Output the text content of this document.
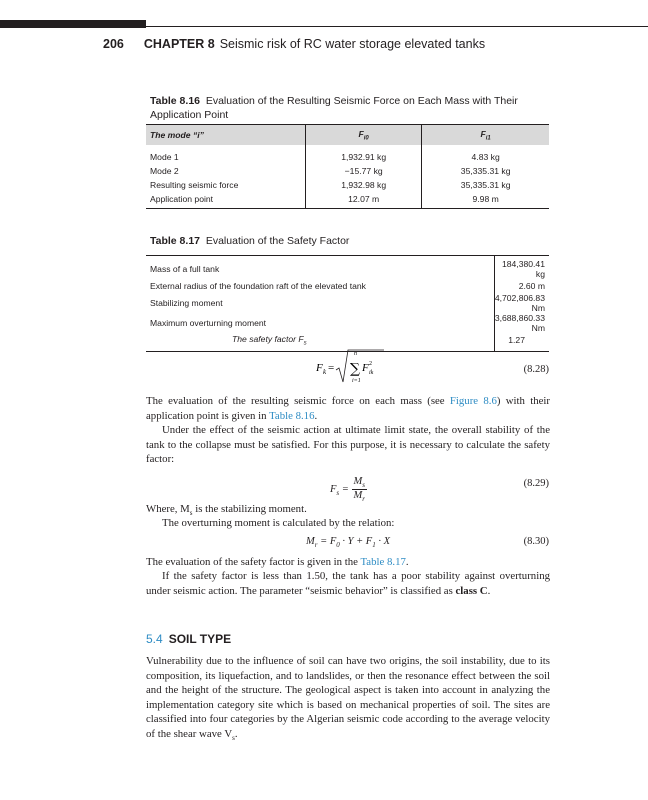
206 CHAPTER 8 Seismic risk of RC water storage elevated tanks
Table 8.16 Evaluation of the Resulting Seismic Force on Each Mass with Their Application Point
The mode “i”	$F_{i0}$	$F_{i1}$
Mode 1	1,932.91 kg	4.83 kg
Mode 2	−15.77 kg	35,335.31 kg
Resulting seismic force	1,932.98 kg	35,335.31 kg
Application point	12.07 m	9.98 m
Table 8.17 Evaluation of the Safety Factor
Mass of a full tank	184,380.41 kg
External radius of the foundation raft of the elevated tank	2.60 m
Stabilizing moment	4,702,806.83 Nm
Maximum overturning moment	3,688,860.33 Nm
The safety factor $F_s$	1.27
F k =
n
∑
i=1
F 2
ik	(8.28)

The evaluation of the resulting seismic force on each mass (see Figure 8.6) with their application point is given in Table 8.16.

Under the effect of the seismic action at ultimate limit state, the overall stability of the tank to the collapse must be satisfied. For this purpose, it is necessary to calculate the safety factor:

$F_s = \frac{M_s}{M_r}$	(8.29)

Where, $M_s$ is the stabilizing moment.

The overturning moment is calculated by the relation:

$M_r = F_0 \cdot Y + F_1 \cdot X$	(8.30)

The evaluation of the safety factor is given in the Table 8.17.

If the safety factor is less than 1.50, the tank has a poor stability against overturning under seismic action. The parameter “seismic behavior” is classified as class C.

5.4 SOIL TYPE

Vulnerability due to the influence of soil can have two origins, the soil instability, due to its composition, its liquefaction, and to landslides, or then the resonance effect between the soil and the height of the structure. The geological aspect is taken into account in analyzing the implementation category site which is based on mechanical properties of soil. The sites are classified into four categories by the Algerian seismic code according to the average velocity of the shear wave $V_s$.
